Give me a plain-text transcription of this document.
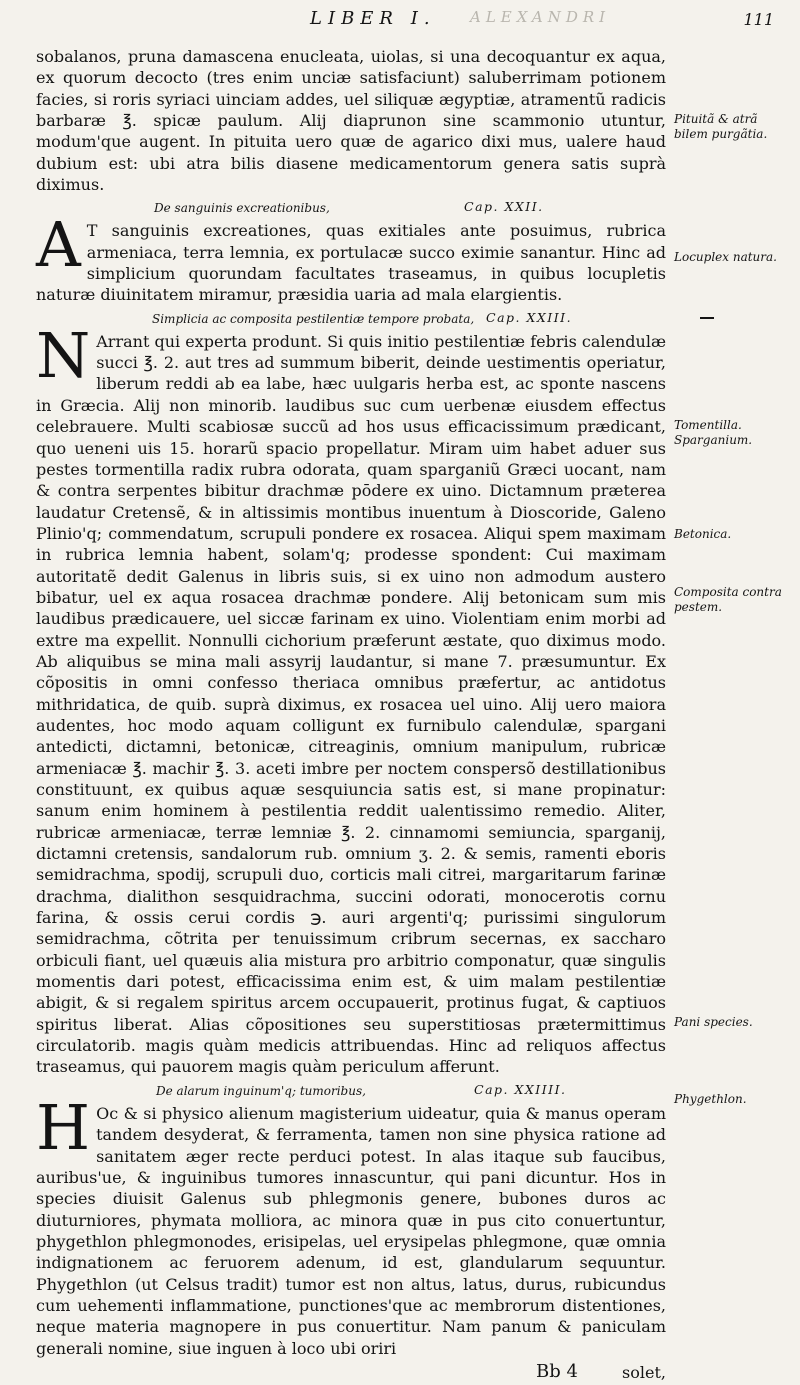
LIBER I. ALEXANDRI	111

sobalanos, pruna damascena enucleata, uiolas, si una decoquantur ex aqua, ex quorum decocto (tres enim unciæ satisfaciunt) saluberrimam potionem facies, si roris syriaci uinciam addes, uel siliquæ ægyptiæ, atramentũ radicis barbaræ ℥. spicæ paulum. Alij diaprunon sine scammonio utuntur, modum'que augent. In pituita uero quæ de agarico dixi mus, ualere haud dubium est: ubi atra bilis diasene medicamentorum genera satis suprà diximus.

De sanguinis excreationibus,	Cap. XXII.

A T sanguinis excreationes, quas exitiales ante posuimus, rubrica armeniaca, terra lemnia, ex portulacæ succo eximie sanantur. Hinc ad simplicium quorundam facultates traseamus, in quibus locupletis naturæ diuinitatem miramur, præsidia uaria ad mala elargientis.

Simplicia ac composita pestilentiæ tempore probata, Cap. XXIII.

N Arrant qui experta produnt. Si quis initio pestilentiæ febris calendulæ succi ℥. 2. aut tres ad summum biberit, deinde uestimentis operiatur, liberum reddi ab ea labe, hæc uulgaris herba est, ac sponte nascens in Græcia. Alij non minorib. laudibus suc cum uerbenæ eiusdem effectus celebrauere. Multi scabiosæ succũ ad hos usus efficacissimum prædicant, quo ueneni uis 15. horarũ spacio propellatur. Miram uim habet aduer sus pestes tormentilla radix rubra odorata, quam sparganiũ Græci uocant, nam & contra serpentes bibitur drachmæ pōdere ex uino. Dictamnum præterea laudatur Cretensẽ, & in altissimis montibus inuentum à Dioscoride, Galeno Plinio'q; commendatum, scrupuli pondere ex rosacea. Aliqui spem maximam in rubrica lemnia habent, solam'q; prodesse spondent: Cui maximam autoritatẽ dedit Galenus in libris suis, si ex uino non admodum austero bibatur, uel ex aqua rosacea drachmæ pondere. Alij betonicam sum mis laudibus prædicauere, uel siccæ farinam ex uino. Violentiam enim morbi ad extre ma expellit. Nonnulli cichorium præferunt æstate, quo diximus modo. Ab aliquibus se mina mali assyrij laudantur, si mane 7. præsumuntur. Ex cõpositis in omni confesso theriaca omnibus præfertur, ac antidotus mithridatica, de quib. suprà diximus, ex rosacea uel uino. Alij uero maiora audentes, hoc modo aquam colligunt ex furnibulo calendulæ, spargani antedicti, dictamni, betonicæ, citreaginis, omnium manipulum, rubricæ armeniacæ ℥. machir ℥. 3. aceti imbre per noctem conspersõ destillationibus constituunt, ex quibus aquæ sesquiuncia satis est, si mane propinatur: sanum enim hominem à pestilentia reddit ualentissimo remedio. Aliter, rubricæ armeniacæ, terræ lemniæ ℥. 2. cinnamomi semiuncia, sparganij, dictamni cretensis, sandalorum rub. omnium ʒ. 2. & semis, ramenti eboris semidrachma, spodij, scrupuli duo, corticis mali citrei, margaritarum farinæ drachma, dialithon sesquidrachma, succini odorati, monocerotis cornu farina, & ossis cerui cordis ℈. auri argenti'q; purissimi singulorum semidrachma, cõtrita per tenuissimum cribrum secernas, ex saccharo orbiculi fiant, uel quæuis alia mistura pro arbitrio componatur, quæ singulis momentis dari potest, efficacissima enim est, & uim malam pestilentiæ abigit, & si regalem spiritus arcem occupauerit, protinus fugat, & captiuos spiritus liberat. Alias cõpositiones seu superstitiosas prætermittimus circulatorib. magis quàm medicis attribuendas. Hinc ad reliquos affectus traseamus, qui pauorem magis quàm periculum afferunt.

De alarum inguinum'q; tumoribus,	Cap. XXIIII.

H Oc & si physico alienum magisterium uideatur, quia & manus operam tandem desyderat, & ferramenta, tamen non sine physica ratione ad sanitatem æger recte perduci potest. In alas itaque sub faucibus, auribus'ue, & inguinibus tumores innascuntur, qui pani dicuntur. Hos in species diuisit Galenus sub phlegmonis genere, bubones duros ac diuturniores, phymata molliora, ac minora quæ in pus cito conuertuntur, phygethlon phlegmonodes, erisipelas, uel erysipelas phlegmone, quæ omnia indignationem ac feruorem adenum, id est, glandularum sequuntur. Phygethlon (ut Celsus tradit) tumor est non altus, latus, durus, rubicundus cum uehementi inflammatione, punctiones'que ac membrorum distentiones, neque materia magnopere in pus conuertitur. Nam panum & paniculam generali nomine, siue inguen à loco ubi oriri

Bb 4	solet,
Pituitã & atrã bilem purgãtia.
Locuplex natura.
Tomentilla. Sparganium.
Betonica.
Composita contra pestem.
Pani species.
Phygethlon.
